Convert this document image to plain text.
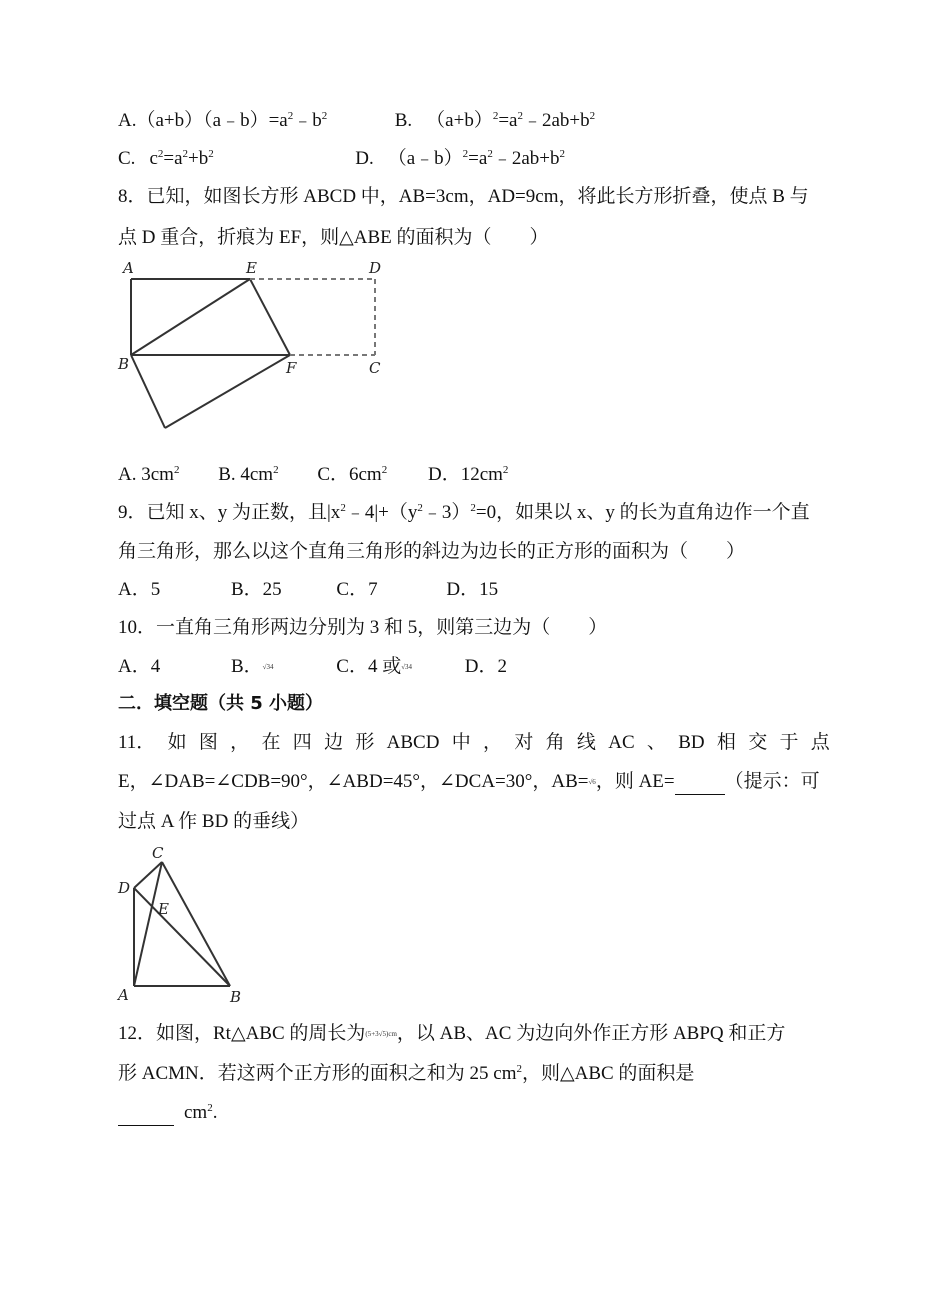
$A.(a+b)(a﹣b)=a^2﹣b^2$	B. $(a+b)^2=a^2﹣2ab+b^2$
C. $c^2=a^2+b^2$	D. $(a﹣b)^2=a^2﹣2ab+b^2$
8．已知，如图长方形 ABCD 中，AB=3cm，AD=9cm，将此长方形折叠，使点 B 与
点 D 重合，折痕为 EF，则△ABE 的面积为（　　）
A	E	D
B	F	C
A. $3cm^2$ B. $4cm^2$ C．$6cm^2$ D．$12cm^2$
9．已知 x、y 为正数，且$|x^2﹣4|+(y^2﹣3)^2=0$，如果以 x、y 的长为直角边作一个直
角三角形，那么以这个直角三角形的斜边为边长的正方形的面积为（　　）
A．5	B．25	C．7	D．15
10．一直角三角形两边分别为 3 和 5，则第三边为（　　）
A．4	B．√34	C．4 或√34	D．2
二．填空题（共 5 小题）
11． 如 图 ， 在 四 边 形 ABCD 中 ， 对 角 线 AC 、 BD 相 交 于 点
E，∠DAB=∠CDB=90°，∠ABD=45°，∠DCA=30°，AB=√6，则 AE=	（提示：可
过点 A 作 BD 的垂线）
C
D
E
A	B
12．如图，Rt△ABC 的周长为(5+3√5)cm，以 AB、AC 为边向外作正方形 ABPQ 和正方
形 ACMN．若这两个正方形的面积之和为 25 $cm^2$，则△ABC 的面积是
$cm^2$.
